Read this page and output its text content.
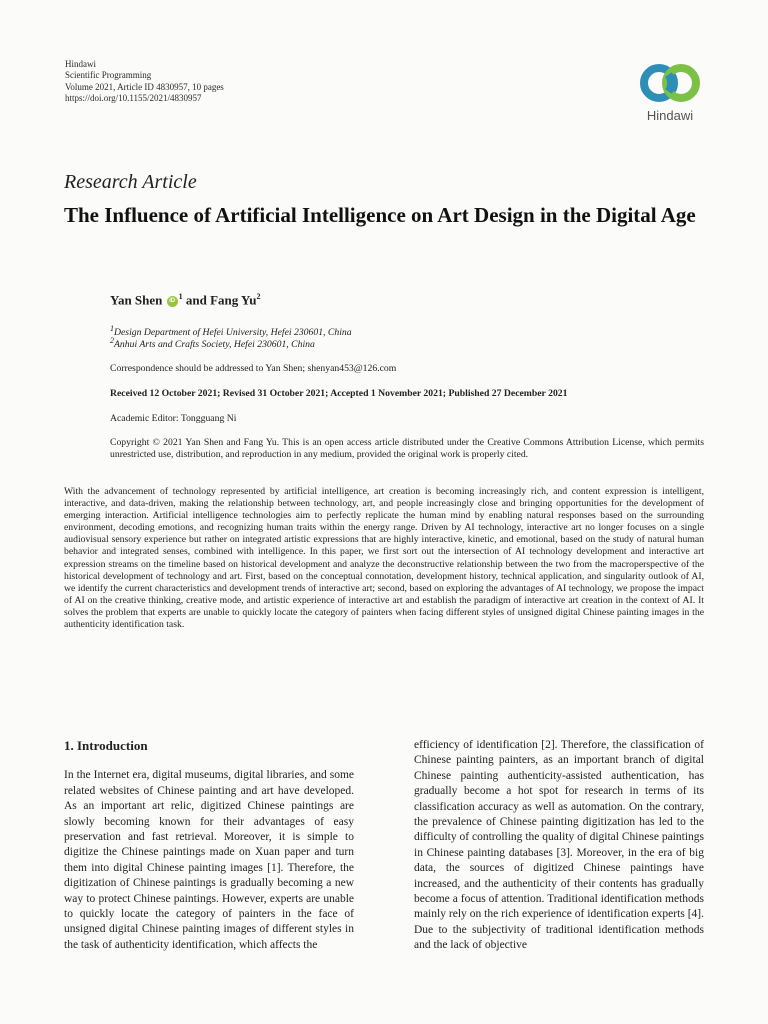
Hindawi
Scientific Programming
Volume 2021, Article ID 4830957, 10 pages
https://doi.org/10.1155/2021/4830957
Hindawi
Research Article
The Influence of Artificial Intelligence on Art Design in the Digital Age
Yan Shen iD $^1$ and Fang Yu$^2$
$^1$Design Department of Hefei University, Hefei 230601, China
$^2$Anhui Arts and Crafts Society, Hefei 230601, China
Correspondence should be addressed to Yan Shen; shenyan453@126.com
Received 12 October 2021; Revised 31 October 2021; Accepted 1 November 2021; Published 27 December 2021
Academic Editor: Tongguang Ni
Copyright © 2021 Yan Shen and Fang Yu. This is an open access article distributed under the Creative Commons Attribution License, which permits unrestricted use, distribution, and reproduction in any medium, provided the original work is properly cited.
With the advancement of technology represented by artificial intelligence, art creation is becoming increasingly rich, and content expression is intelligent, interactive, and data-driven, making the relationship between technology, art, and people increasingly close and bringing opportunities for the development of emerging interaction. Artificial intelligence technologies aim to perfectly replicate the human mind by enabling natural responses based on the surrounding environment, decoding emotions, and recognizing human traits within the energy range. Driven by AI technology, interactive art no longer focuses on a single audiovisual sensory experience but rather on integrated artistic expressions that are highly interactive, kinetic, and emotional, based on the study of natural human behavior and integrated senses, combined with intelligence. In this paper, we first sort out the intersection of AI technology development and interactive art expression streams on the timeline based on historical development and analyze the deconstructive relationship between the two from the macroperspective of the historical development of technology and art. First, based on the conceptual connotation, development history, technical application, and singularity outlook of AI, we identify the current characteristics and development trends of interactive art; second, based on exploring the advantages of AI technology, we propose the impact of AI on the creative thinking, creative mode, and artistic experience of interactive art and establish the paradigm of interactive art creation in the context of AI. It solves the problem that experts are unable to quickly locate the category of painters when facing different styles of unsigned digital Chinese painting images in the authenticity identification task.
1. Introduction

In the Internet era, digital museums, digital libraries, and some related websites of Chinese painting and art have developed. As an important art relic, digitized Chinese paintings are slowly becoming known for their advantages of easy preservation and fast retrieval. Moreover, it is simple to digitize the Chinese paintings made on Xuan paper and turn them into digital Chinese painting images [1]. Therefore, the digitization of Chinese paintings is gradually becoming a new way to protect Chinese paintings. However, experts are unable to quickly locate the category of painters in the face of unsigned digital Chinese painting images of different styles in the task of authenticity identification, which affects the

efficiency of identification [2]. Therefore, the classification of Chinese painting painters, as an important branch of digital Chinese painting authenticity-assisted authentication, has gradually become a hot spot for research in terms of its classification accuracy as well as automation. On the contrary, the prevalence of Chinese painting digitization has led to the difficulty of controlling the quality of digital Chinese paintings in Chinese painting databases [3]. Moreover, in the era of big data, the sources of digitized Chinese paintings have increased, and the authenticity of their contents has gradually become a focus of attention. Traditional identification methods mainly rely on the rich experience of identification experts [4]. Due to the subjectivity of traditional identification methods and the lack of objective
